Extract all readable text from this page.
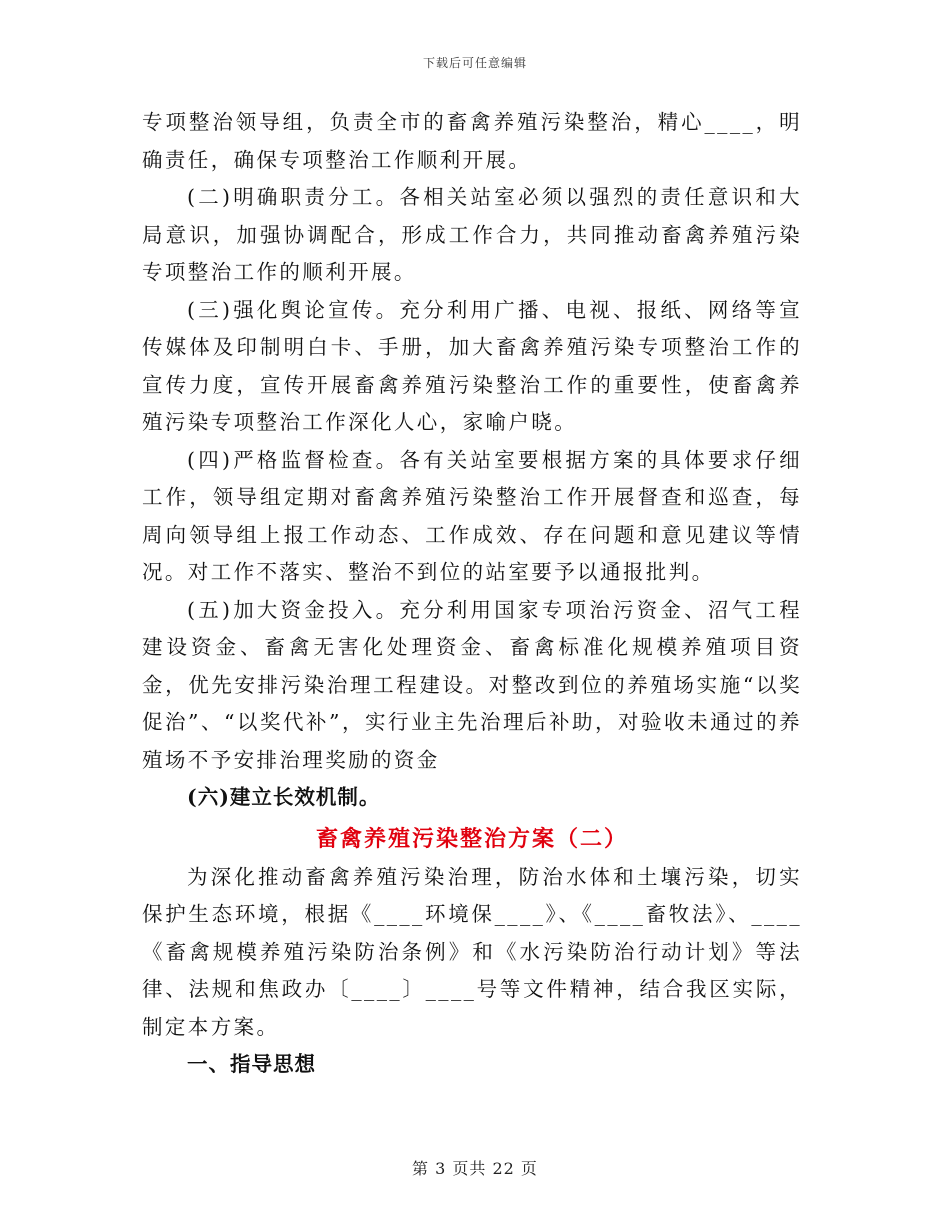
下载后可任意编辑

专项整治领导组，负责全市的畜禽养殖污染整治，精心____，明确责任，确保专项整治工作顺利开展。

(二)明确职责分工。各相关站室必须以强烈的责任意识和大局意识，加强协调配合，形成工作合力，共同推动畜禽养殖污染专项整治工作的顺利开展。

(三)强化舆论宣传。充分利用广播、电视、报纸、网络等宣传媒体及印制明白卡、手册，加大畜禽养殖污染专项整治工作的宣传力度，宣传开展畜禽养殖污染整治工作的重要性，使畜禽养殖污染专项整治工作深化人心，家喻户晓。

(四)严格监督检查。各有关站室要根据方案的具体要求仔细工作，领导组定期对畜禽养殖污染整治工作开展督查和巡查，每周向领导组上报工作动态、工作成效、存在问题和意见建议等情况。对工作不落实、整治不到位的站室要予以通报批判。

(五)加大资金投入。充分利用国家专项治污资金、沼气工程建设资金、畜禽无害化处理资金、畜禽标准化规模养殖项目资金，优先安排污染治理工程建设。对整改到位的养殖场实施“以奖促治”、“以奖代补”，实行业主先治理后补助，对验收未通过的养殖场不予安排治理奖励的资金

(六)建立长效机制。

畜禽养殖污染整治方案（二）

为深化推动畜禽养殖污染治理，防治水体和土壤污染，切实保护生态环境，根据《____环境保____》、《____畜牧法》、____《畜禽规模养殖污染防治条例》和《水污染防治行动计划》等法律、法规和焦政办〔____〕____号等文件精神，结合我区实际，制定本方案。

一、指导思想

第 3 页共 22 页
